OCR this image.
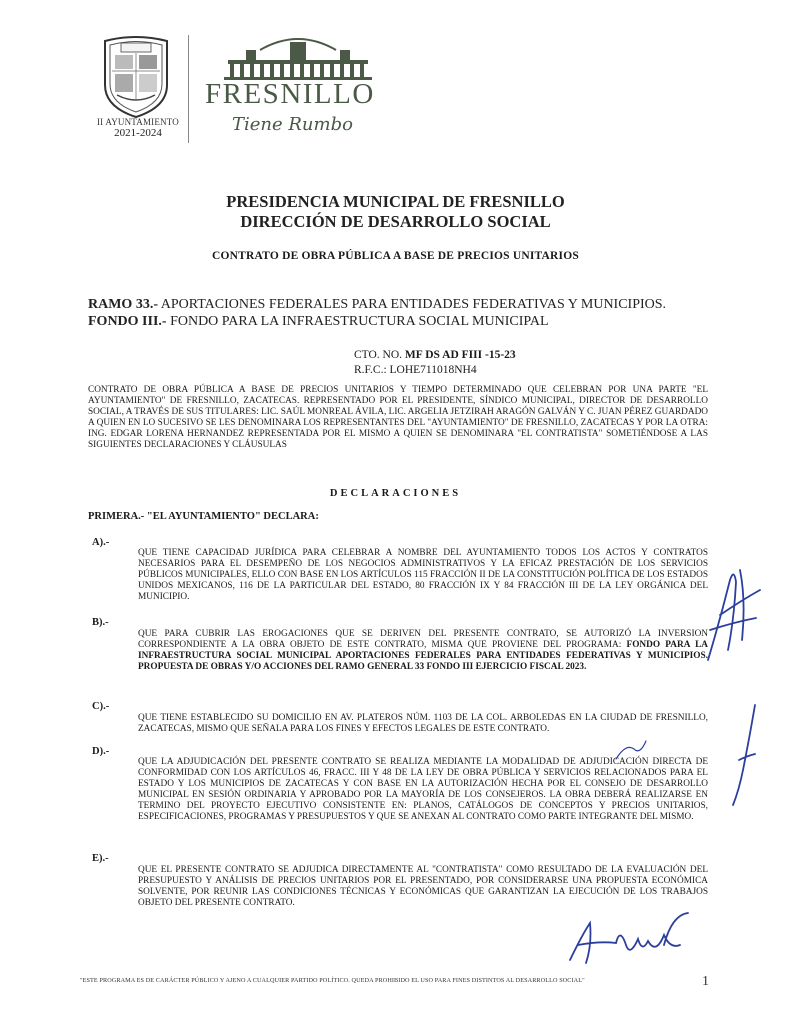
II AYUNTAMIENTO
2021-2024
FRESNILLO
Tiene Rumbo
PRESIDENCIA MUNICIPAL DE FRESNILLO
DIRECCIÓN DE DESARROLLO SOCIAL
CONTRATO DE OBRA PÚBLICA A BASE DE PRECIOS UNITARIOS
RAMO 33.- APORTACIONES FEDERALES PARA ENTIDADES FEDERATIVAS Y MUNICIPIOS.
FONDO III.- FONDO PARA LA INFRAESTRUCTURA SOCIAL MUNICIPAL
CTO. NO. MF DS AD FIII -15-23
R.F.C.: LOHE711018NH4
CONTRATO DE OBRA PÚBLICA A BASE DE PRECIOS UNITARIOS Y TIEMPO DETERMINADO QUE CELEBRAN POR UNA PARTE "EL AYUNTAMIENTO" DE FRESNILLO, ZACATECAS. REPRESENTADO POR EL PRESIDENTE, SÍNDICO MUNICIPAL, DIRECTOR DE DESARROLLO SOCIAL, A TRAVÉS DE SUS TITULARES: LIC. SAÚL MONREAL ÁVILA, LIC. ARGELIA JETZIRAH ARAGÓN GALVÁN Y C. JUAN PÉREZ GUARDADO A QUIEN EN LO SUCESIVO SE LES DENOMINARA LOS REPRESENTANTES DEL "AYUNTAMIENTO" DE FRESNILLO, ZACATECAS Y POR LA OTRA: ING. EDGAR LORENA HERNANDEZ REPRESENTADA POR EL MISMO A QUIEN SE DENOMINARA "EL CONTRATISTA" SOMETIÉNDOSE A LAS SIGUIENTES DECLARACIONES Y CLÁUSULAS
DECLARACIONES
PRIMERA.- "EL AYUNTAMIENTO" DECLARA:
A).-
QUE TIENE CAPACIDAD JURÍDICA PARA CELEBRAR A NOMBRE DEL AYUNTAMIENTO TODOS LOS ACTOS Y CONTRATOS NECESARIOS PARA EL DESEMPEÑO DE LOS NEGOCIOS ADMINISTRATIVOS Y LA EFICAZ PRESTACIÓN DE LOS SERVICIOS PÚBLICOS MUNICIPALES, ELLO CON BASE EN LOS ARTÍCULOS 115 FRACCIÓN II DE LA CONSTITUCIÓN POLÍTICA DE LOS ESTADOS UNIDOS MEXICANOS, 116 DE LA PARTICULAR DEL ESTADO, 80 FRACCIÓN IX Y 84 FRACCIÓN III DE LA LEY ORGÁNICA DEL MUNICIPIO.
B).-
QUE PARA CUBRIR LAS EROGACIONES QUE SE DERIVEN DEL PRESENTE CONTRATO, SE AUTORIZÓ LA INVERSION CORRESPONDIENTE A LA OBRA OBJETO DE ESTE CONTRATO, MISMA QUE PROVIENE DEL PROGRAMA: FONDO PARA LA INFRAESTRUCTURA SOCIAL MUNICIPAL APORTACIONES FEDERALES PARA ENTIDADES FEDERATIVAS Y MUNICIPIOS. PROPUESTA DE OBRAS Y/O ACCIONES DEL RAMO GENERAL 33 FONDO III EJERCICIO FISCAL 2023.
C).-
QUE TIENE ESTABLECIDO SU DOMICILIO EN AV. PLATEROS NÚM. 1103 DE LA COL. ARBOLEDAS EN LA CIUDAD DE FRESNILLO, ZACATECAS, MISMO QUE SEÑALA PARA LOS FINES Y EFECTOS LEGALES DE ESTE CONTRATO.
D).-
QUE LA ADJUDICACIÓN DEL PRESENTE CONTRATO SE REALIZA MEDIANTE LA MODALIDAD DE ADJUDICACIÓN DIRECTA DE CONFORMIDAD CON LOS ARTÍCULOS 46, FRACC. III Y 48 DE LA LEY DE OBRA PÚBLICA Y SERVICIOS RELACIONADOS PARA EL ESTADO Y LOS MUNICIPIOS DE ZACATECAS Y CON BASE EN LA AUTORIZACIÓN HECHA POR EL CONSEJO DE DESARROLLO MUNICIPAL EN SESIÓN ORDINARIA Y APROBADO POR LA MAYORÍA DE LOS CONSEJEROS. LA OBRA DEBERÁ REALIZARSE EN TERMINO DEL PROYECTO EJECUTIVO CONSISTENTE EN: PLANOS, CATÁLOGOS DE CONCEPTOS Y PRECIOS UNITARIOS, ESPECIFICACIONES, PROGRAMAS Y PRESUPUESTOS Y QUE SE ANEXAN AL CONTRATO COMO PARTE INTEGRANTE DEL MISMO.
E).-
QUE EL PRESENTE CONTRATO SE ADJUDICA DIRECTAMENTE AL "CONTRATISTA" COMO RESULTADO DE LA EVALUACIÓN DEL PRESUPUESTO Y ANÁLISIS DE PRECIOS UNITARIOS POR EL PRESENTADO, POR CONSIDERARSE UNA PROPUESTA ECONÓMICA SOLVENTE, POR REUNIR LAS CONDICIONES TÉCNICAS Y ECONÓMICAS QUE GARANTIZAN LA EJECUCIÓN DE LOS TRABAJOS OBJETO DEL PRESENTE CONTRATO.
"ESTE PROGRAMA ES DE CARÁCTER PÚBLICO Y AJENO A CUALQUIER PARTIDO POLÍTICO. QUEDA PROHIBIDO EL USO PARA FINES DISTINTOS AL DESARROLLO SOCIAL"	1
